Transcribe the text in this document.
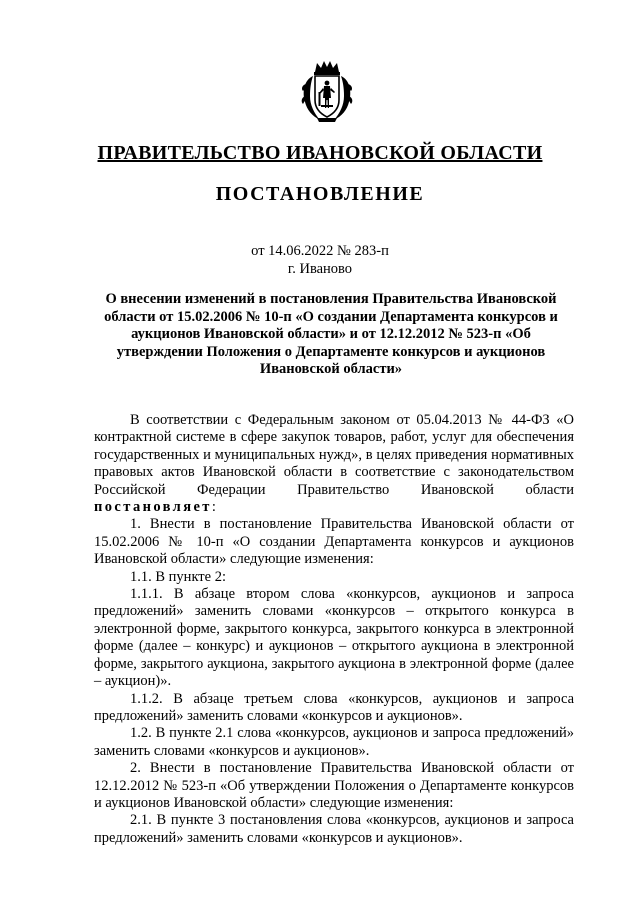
ПРАВИТЕЛЬСТВО ИВАНОВСКОЙ ОБЛАСТИ
ПОСТАНОВЛЕНИЕ
от 14.06.2022 № 283-п
г. Иваново
О внесении изменений в постановления Правительства Ивановской области от 15.02.2006 № 10-п «О создании Департамента конкурсов и аукционов Ивановской области» и от 12.12.2012 № 523-п «Об утверждении Положения о Департаменте конкурсов и аукционов Ивановской области»

В соответствии с Федеральным законом от 05.04.2013 № 44-ФЗ «О контрактной системе в сфере закупок товаров, работ, услуг для обеспечения государственных и муниципальных нужд», в целях приведения нормативных правовых актов Ивановской области в соответствие с законодательством Российской Федерации Правительство Ивановской области постановляет:

1. Внести в постановление Правительства Ивановской области от 15.02.2006 № 10-п «О создании Департамента конкурсов и аукционов Ивановской области» следующие изменения:

1.1. В пункте 2:

1.1.1. В абзаце втором слова «конкурсов, аукционов и запроса предложений» заменить словами «конкурсов – открытого конкурса в электронной форме, закрытого конкурса, закрытого конкурса в электронной форме (далее – конкурс) и аукционов – открытого аукциона в электронной форме, закрытого аукциона, закрытого аукциона в электронной форме (далее – аукцион)».

1.1.2. В абзаце третьем слова «конкурсов, аукционов и запроса предложений» заменить словами «конкурсов и аукционов».

1.2. В пункте 2.1 слова «конкурсов, аукционов и запроса предложений» заменить словами «конкурсов и аукционов».

2. Внести в постановление Правительства Ивановской области от 12.12.2012 № 523-п «Об утверждении Положения о Департаменте конкурсов и аукционов Ивановской области» следующие изменения:

2.1. В пункте 3 постановления слова «конкурсов, аукционов и запроса предложений» заменить словами «конкурсов и аукционов».
